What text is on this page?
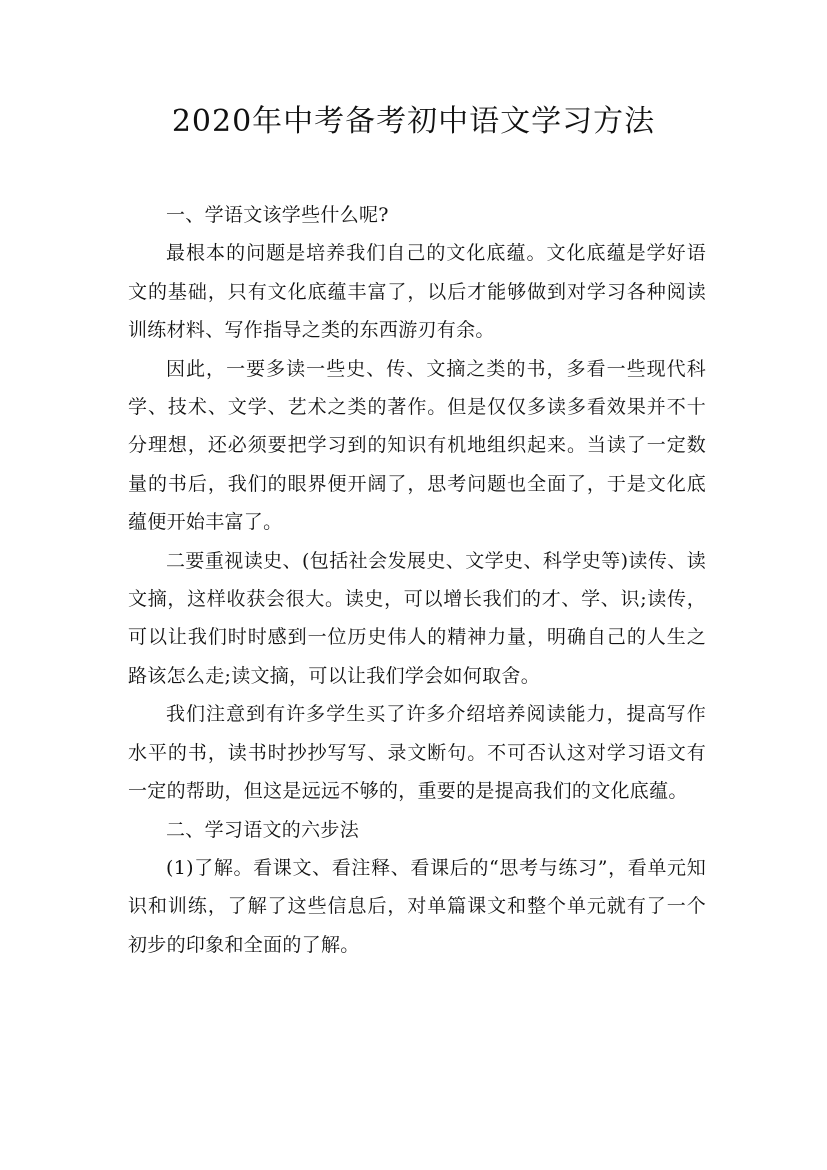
2020年中考备考初中语文学习方法

一、学语文该学些什么呢?

最根本的问题是培养我们自己的文化底蕴。文化底蕴是学好语文的基础，只有文化底蕴丰富了，以后才能够做到对学习各种阅读训练材料、写作指导之类的东西游刃有余。

因此，一要多读一些史、传、文摘之类的书，多看一些现代科学、技术、文学、艺术之类的著作。但是仅仅多读多看效果并不十分理想，还必须要把学习到的知识有机地组织起来。当读了一定数量的书后，我们的眼界便开阔了，思考问题也全面了，于是文化底蕴便开始丰富了。

二要重视读史、(包括社会发展史、文学史、科学史等)读传、读文摘，这样收获会很大。读史，可以增长我们的才、学、识;读传，可以让我们时时感到一位历史伟人的精神力量，明确自己的人生之路该怎么走;读文摘，可以让我们学会如何取舍。

我们注意到有许多学生买了许多介绍培养阅读能力，提高写作水平的书，读书时抄抄写写、录文断句。不可否认这对学习语文有一定的帮助，但这是远远不够的，重要的是提高我们的文化底蕴。

二、学习语文的六步法

(1)了解。看课文、看注释、看课后的“思考与练习”，看单元知识和训练，了解了这些信息后，对单篇课文和整个单元就有了一个初步的印象和全面的了解。
